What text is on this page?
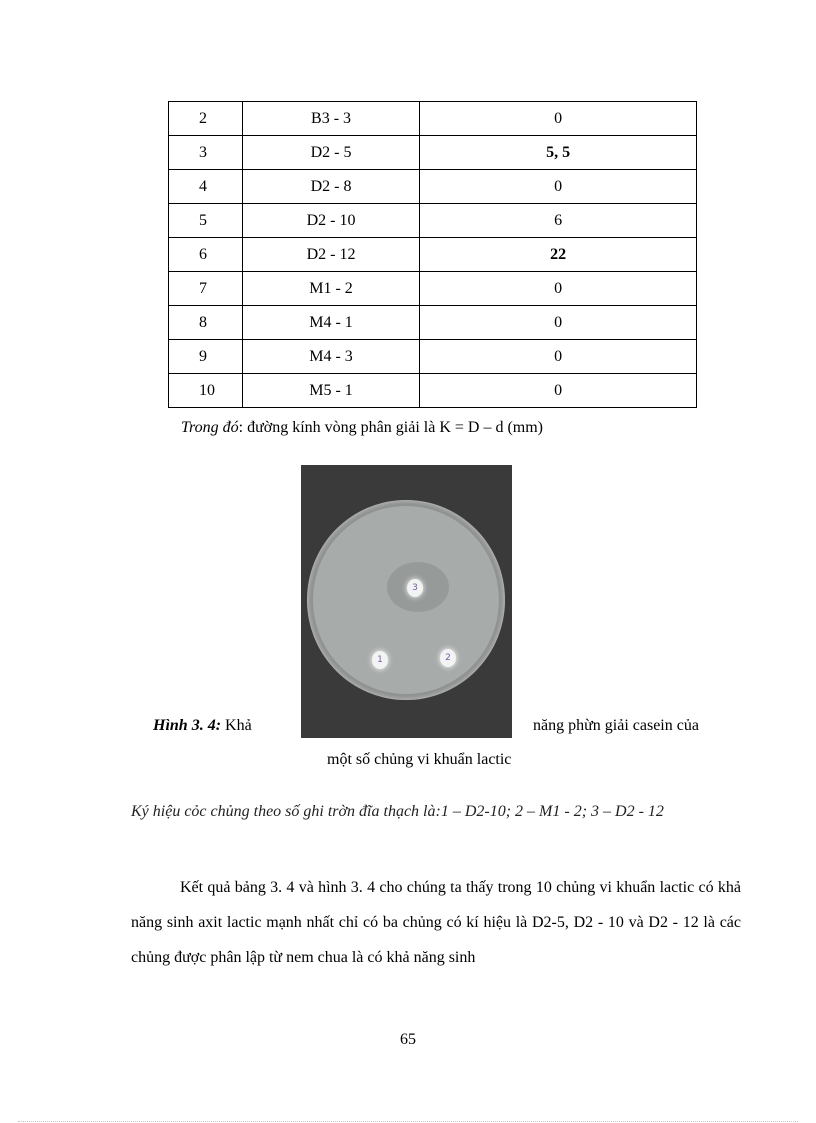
2	B3 - 3	0
3	D2 - 5	5, 5
4	D2 - 8	0
5	D2 - 10	6
6	D2 - 12	22
7	M1 - 2	0
8	M4 - 1	0
9	M4 - 3	0
10	M5 - 1	0
Trong đó: đường kính vòng phân giải là K = D – d (mm)
3
1	2
Hình 3. 4: Khả	năng phừn giải casein của
một số chủng vi khuẩn lactic
Ký hiệu cỏc chủng theo số ghi trờn đĩa thạch là:1 – D2-10; 2 – M1 - 2; 3 – D2 - 12
Kết quả bảng 3. 4 và hình 3. 4 cho chúng ta thấy trong 10 chủng vi khuẩn lactic có khả năng sinh axit lactic mạnh nhất chỉ có ba chủng có kí hiệu là D2-5, D2 - 10 và D2 - 12 là các chủng được phân lập từ nem chua là có khả năng sinh
65
